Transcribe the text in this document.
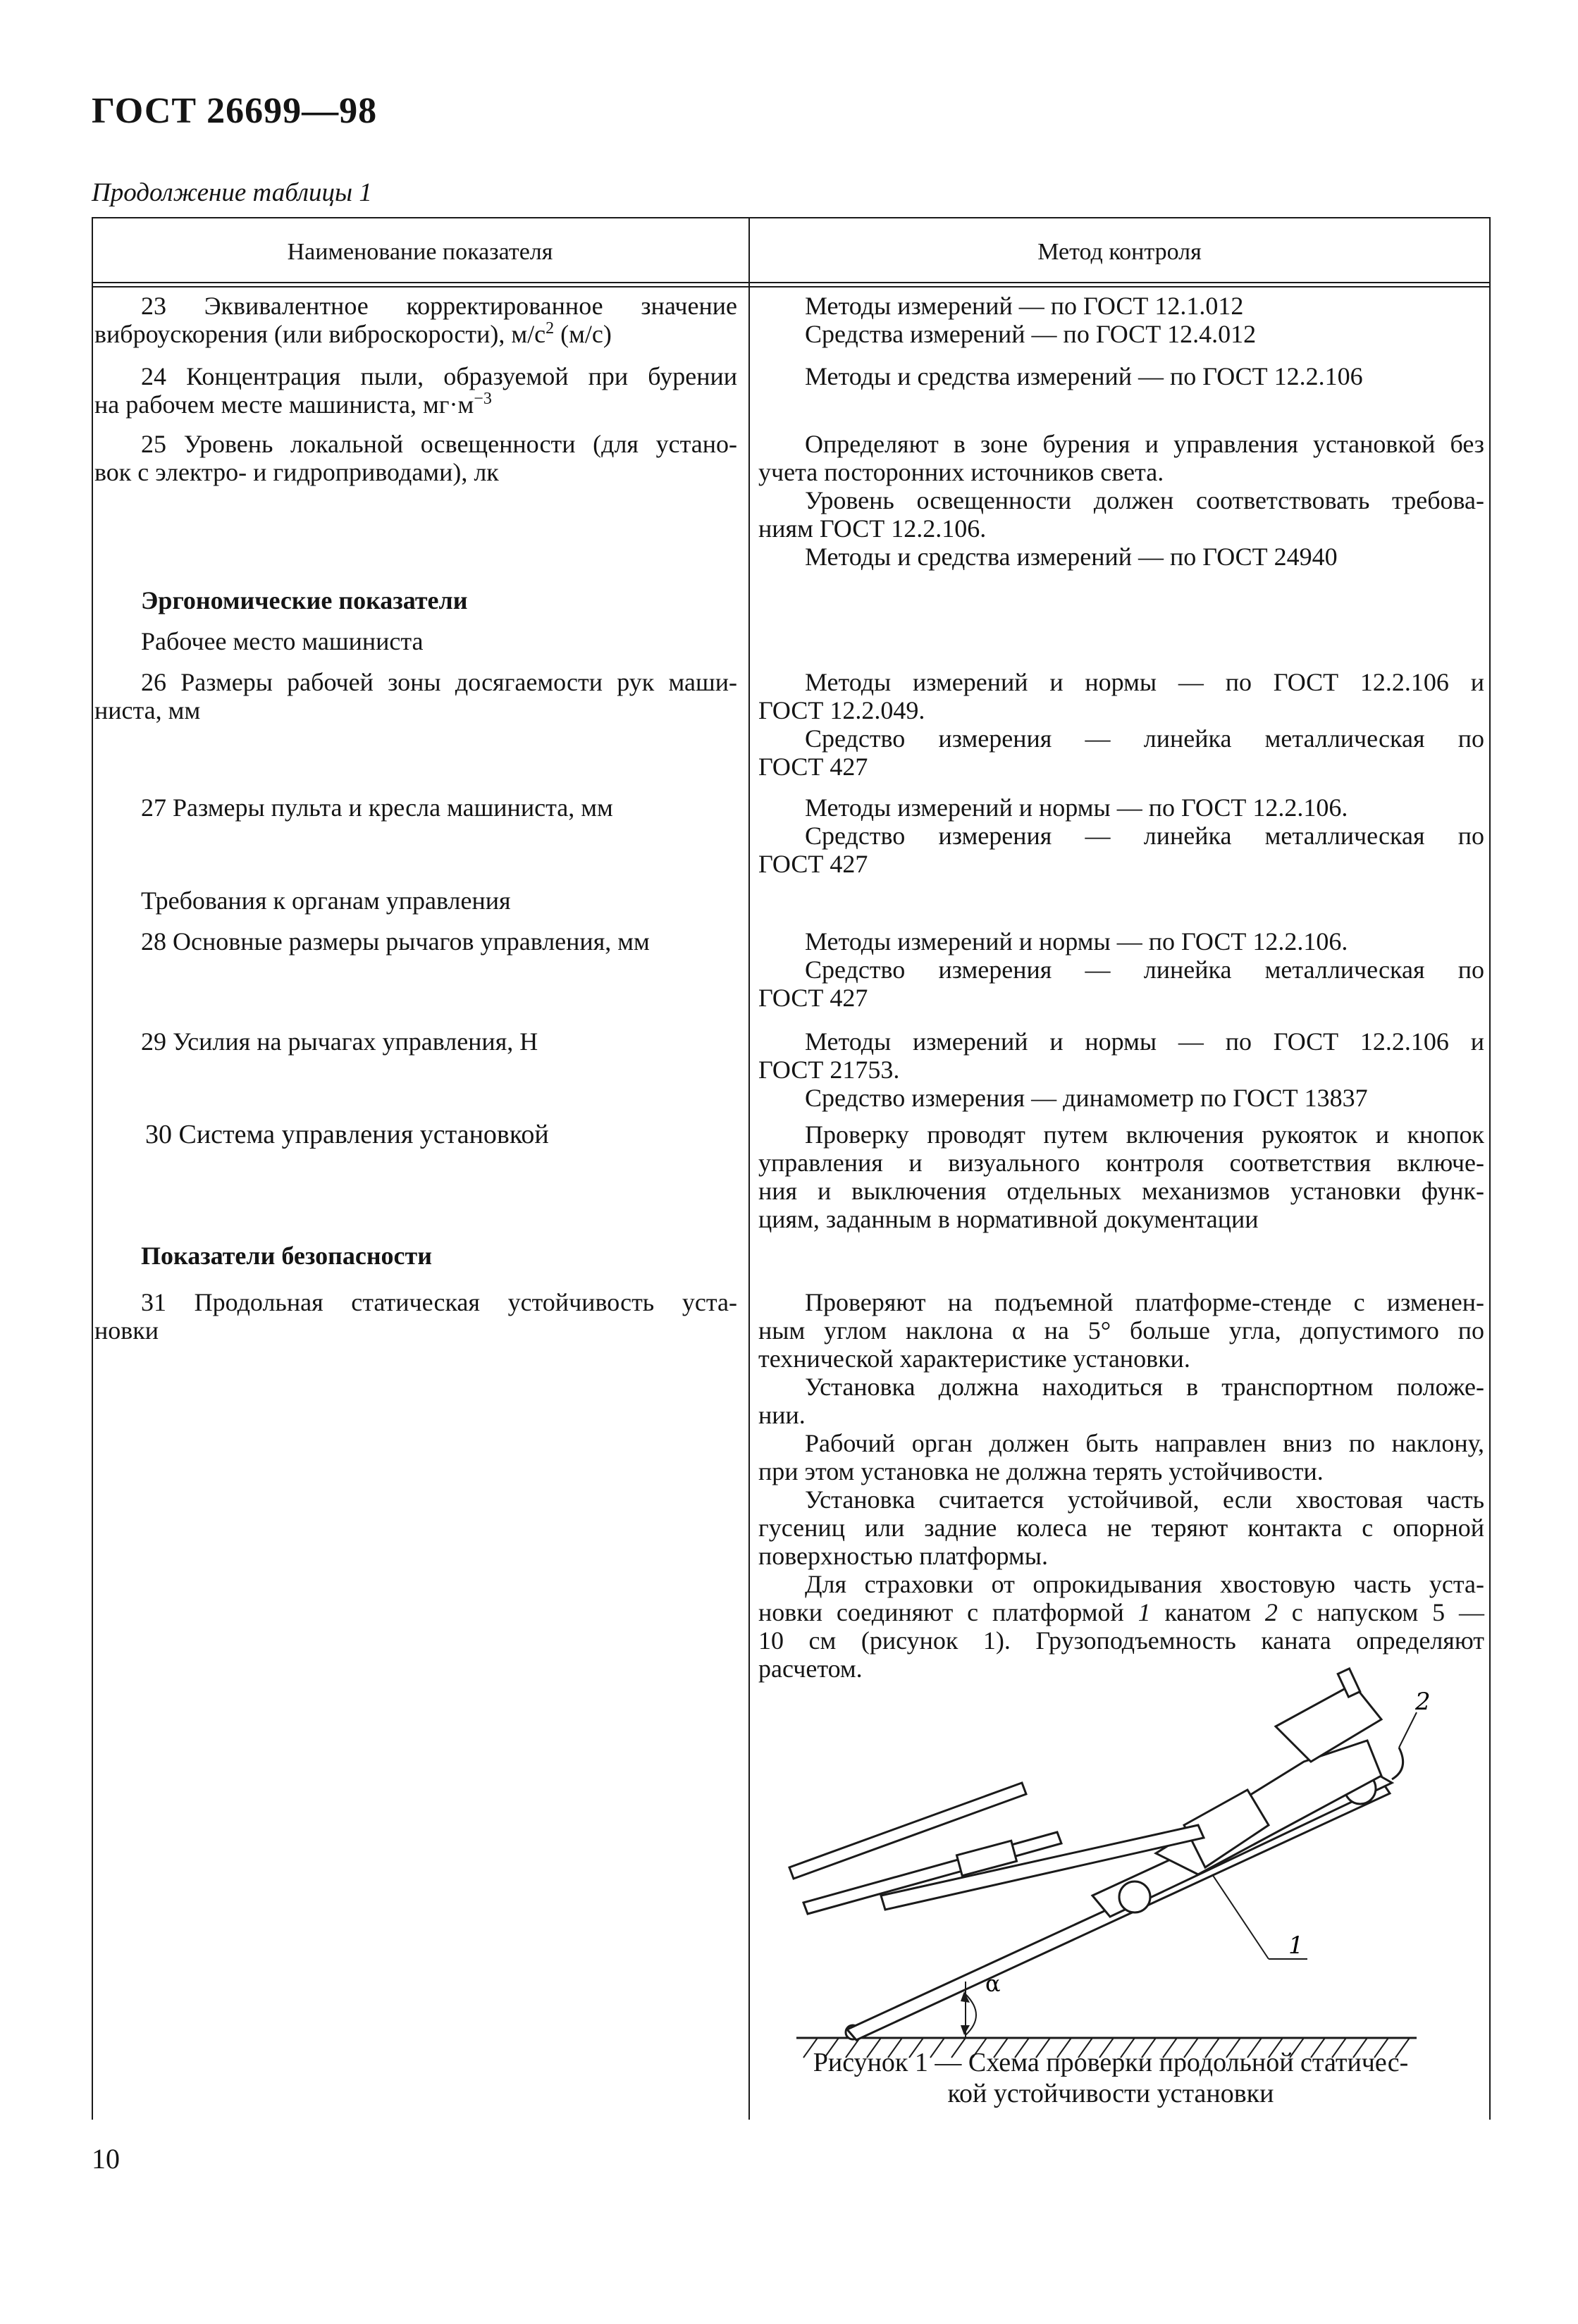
ГОСТ 26699—98
Продолжение таблицы 1
Наименование показателя	Метод контроля
23 Эквивалентное корректированное значение
виброускорения (или виброскорости), $м/с^2$ (м/с)
24 Концентрация пыли, образуемой при бурении
на рабочем месте машиниста, $мг\cdot м^{-3}$
25 Уровень локальной освещенности (для устано-
вок с электро- и гидроприводами), лк
Эргономические показатели
Рабочее место машиниста
26 Размеры рабочей зоны досягаемости рук маши-
ниста, мм
27 Размеры пульта и кресла машиниста, мм
Требования к органам управления
28 Основные размеры рычагов управления, мм
29 Усилия на рычагах управления, Н
30 Система управления установкой
Показатели безопасности
31 Продольная статическая устойчивость уста-
новки
Методы измерений — по ГОСТ 12.1.012
Средства измерений — по ГОСТ 12.4.012
Методы и средства измерений — по ГОСТ 12.2.106
Определяют в зоне бурения и управления установкой без
учета посторонних источников света.
Уровень освещенности должен соответствовать требова-
ниям ГОСТ 12.2.106.
Методы и средства измерений — по ГОСТ 24940
Методы измерений и нормы — по ГОСТ 12.2.106 и
ГОСТ 12.2.049.
Средство измерения — линейка металлическая по
ГОСТ 427
Методы измерений и нормы — по ГОСТ 12.2.106.
Средство измерения — линейка металлическая по
ГОСТ 427
Методы измерений и нормы — по ГОСТ 12.2.106.
Средство измерения — линейка металлическая по
ГОСТ 427
Методы измерений и нормы — по ГОСТ 12.2.106 и
ГОСТ 21753.
Средство измерения — динамометр по ГОСТ 13837
Проверку проводят путем включения рукояток и кнопок
управления и визуального контроля соответствия включе-
ния и выключения отдельных механизмов установки функ-
циям, заданным в нормативной документации
Проверяют на подъемной платформе-стенде с изменен-
ным углом наклона α на 5° больше угла, допустимого по
технической характеристике установки.
Установка должна находиться в транспортном положе-
нии.
Рабочий орган должен быть направлен вниз по наклону,
при этом установка не должна терять устойчивости.
Установка считается устойчивой, если хвостовая часть
гусениц или задние колеса не теряют контакта с опорной
поверхностью платформы.
Для страховки от опрокидывания хвостовую часть уста-
новки соединяют с платформой 1 канатом 2 с напуском 5 —
10 см (рисунок 1). Грузоподъемность каната определяют
расчетом.
α
2
1
Рисунок 1 — Схема проверки продольной статичес-
кой устойчивости установки
10
